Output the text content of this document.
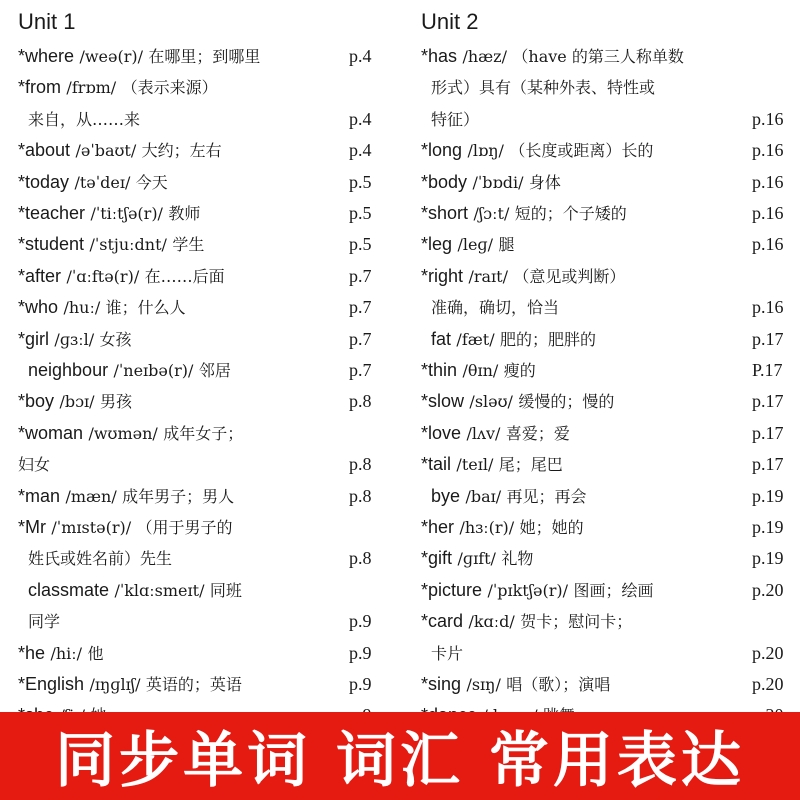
Unit 1
*where /weə(r)/ 在哪里；到哪里	p.4
*from /frɒm/ （表示来源）
来自，从……来	p.4
*about /əˈbaʊt/ 大约；左右	p.4
*today /təˈdeɪ/ 今天	p.5
*teacher /ˈtiːtʃə(r)/ 教师	p.5
*student /ˈstjuːdnt/ 学生	p.5
*after /ˈɑːftə(r)/ 在……后面	p.7
*who /huː/ 谁；什么人	p.7
*girl /ɡɜːl/ 女孩	p.7
neighbour /ˈneɪbə(r)/ 邻居	p.7
*boy /bɔɪ/ 男孩	p.8
*woman /wʊmən/ 成年女子；
妇女	p.8
*man /mæn/ 成年男子；男人	p.8
*Mr /ˈmɪstə(r)/ （用于男子的
姓氏或姓名前）先生	p.8
classmate /ˈklɑːsmeɪt/ 同班
同学	p.9
*he /hiː/ 他	p.9
*English /ɪŋɡlɪʃ/ 英语的；英语	p.9
Unit 2
*has /hæz/ （have 的第三人称单数
形式）具有（某种外表、特性或
特征）	p.16
*long /lɒŋ/ （长度或距离）长的	p.16
*body /ˈbɒdi/ 身体	p.16
*short /ʃɔːt/ 短的；个子矮的	p.16
*leg /leɡ/ 腿	p.16
*right /raɪt/ （意见或判断）
准确，确切，恰当	p.16
fat /fæt/ 肥的；肥胖的	p.17
*thin /θɪn/ 瘦的	P.17
*slow /sləʊ/ 缓慢的；慢的	p.17
*love /lʌv/ 喜爱；爱	p.17
*tail /teɪl/ 尾；尾巴	p.17
bye /baɪ/ 再见；再会	p.19
*her /hɜː(r)/ 她；她的	p.19
*gift /ɡɪft/ 礼物	p.19
*picture /ˈpɪktʃə(r)/ 图画；绘画	p.20
*card /kɑːd/ 贺卡；慰问卡；
卡片	p.20
*sing /sɪŋ/ 唱（歌）；演唱	p.20
同步单词 词汇 常用表达
